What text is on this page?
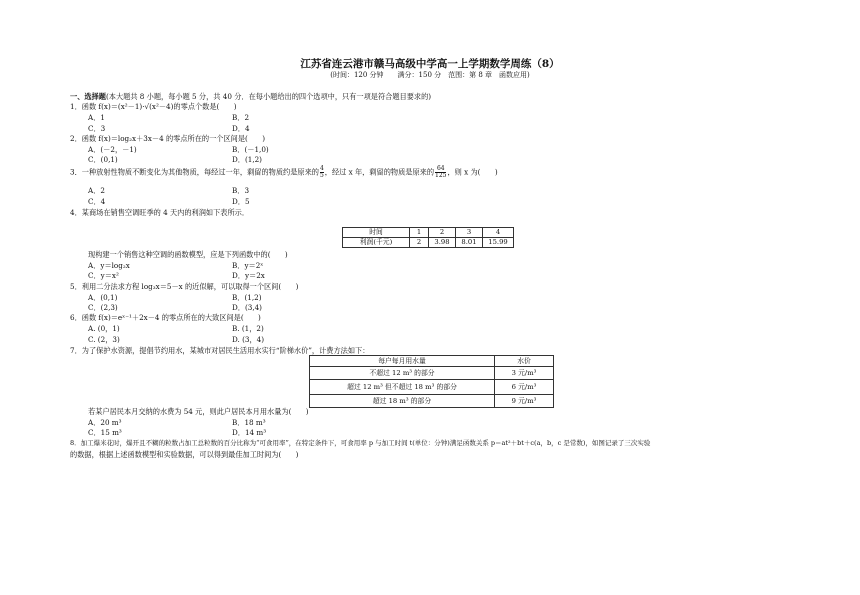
江苏省连云港市赣马高级中学高一上学期数学周练（8）
(时间：120 分钟　　满分：150 分　范围：第 8 章　函数应用)
一、选择题(本大题共 8 小题，每小题 5 分，共 40 分．在每小题给出的四个选项中，只有一项是符合题目要求的)
1．函数 f(x)＝(x²－1)·√(x²－4)的零点个数是(　　)
A．1	B．2
C．3	D．4
2．函数 f(x)＝log₂x＋3x－4 的零点所在的一个区间是(　　)
A．(－2，－1)	B．(－1,0)
C．(0,1)	D．(1,2)
3．一种放射性物质不断变化为其他物质，每经过一年，剩留的物质约是原来的 $\frac{4}{5}$ ，经过 x 年，剩留的物质是原来的 $\frac{64}{125}$ ，则 x 为(　　)
A．2	B．3
C．4	D．5
4．某商场在销售空调旺季的 4 天内的利润如下表所示．
时间	1	2	3	4
利润(千元)	2	3.98	8.01	15.99
现构建一个销售这种空调的函数模型，应是下列函数中的(　　)
A．y＝log₂x	B．y＝2ˣ
C．y＝x²	D．y＝2x
5．利用二分法求方程 log₃x＝5－x 的近似解，可以取得一个区间(　　)
A．(0,1)	B．(1,2)
C．(2,3)	D．(3,4)
6．函数 f(x)＝eˣ⁻¹＋2x－4 的零点所在的大致区间是(　　)
A. (0，1)	B. (1，2)
C. (2，3)	D. (3，4)
7．为了保护水资源，提倡节约用水，某城市对居民生活用水实行“阶梯水价”，计费方法如下：
每户每月用水量	水价
不超过 12 m³ 的部分	3 元/m³
超过 12 m³ 但不超过 18 m³ 的部分	6 元/m³
超过 18 m³ 的部分	9 元/m³
若某户居民本月交纳的水费为 54 元，则此户居民本月用水量为(　　)
A．20 m³	B．18 m³
C．15 m³	D．14 m³
8．加工爆米花时，爆开且不糊的粒数占加工总粒数的百分比称为“可食用率”，在特定条件下，可食用率 p 与加工时间 t(单位：分钟)满足函数关系 p＝at²＋bt＋c(a，b，c 是常数)，如图记录了三次实验
的数据，根据上述函数模型和实验数据，可以得到最佳加工时间为(　　)
